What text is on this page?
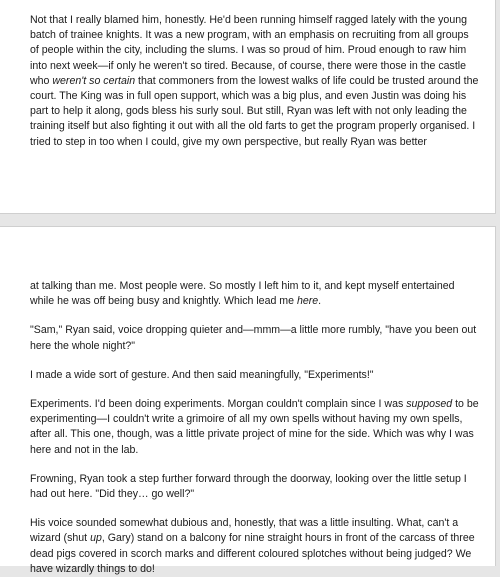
Not that I really blamed him, honestly. He'd been running himself ragged lately with the young batch of trainee knights. It was a new program, with an emphasis on recruiting from all groups of people within the city, including the slums. I was so proud of him. Proud enough to raw him into next week—if only he weren't so tired. Because, of course, there were those in the castle who weren't so certain that commoners from the lowest walks of life could be trusted around the court. The King was in full open support, which was a big plus, and even Justin was doing his part to help it along, gods bless his surly soul. But still, Ryan was left with not only leading the training itself but also fighting it out with all the old farts to get the program properly organised. I tried to step in too when I could, give my own perspective, but really Ryan was better

at talking than me. Most people were. So mostly I left him to it, and kept myself entertained while he was off being busy and knightly. Which lead me here.

"Sam," Ryan said, voice dropping quieter and—mmm—a little more rumbly, "have you been out here the whole night?"

I made a wide sort of gesture. And then said meaningfully, "Experiments!"

Experiments. I'd been doing experiments. Morgan couldn't complain since I was supposed to be experimenting—I couldn't write a grimoire of all my own spells without having my own spells, after all. This one, though, was a little private project of mine for the side. Which was why I was here and not in the lab.

Frowning, Ryan took a step further forward through the doorway, looking over the little setup I had out here. "Did they… go well?"

His voice sounded somewhat dubious and, honestly, that was a little insulting. What, can't a wizard (shut up, Gary) stand on a balcony for nine straight hours in front of the carcass of three dead pigs covered in scorch marks and different coloured splotches without being judged? We have wizardly things to do!
